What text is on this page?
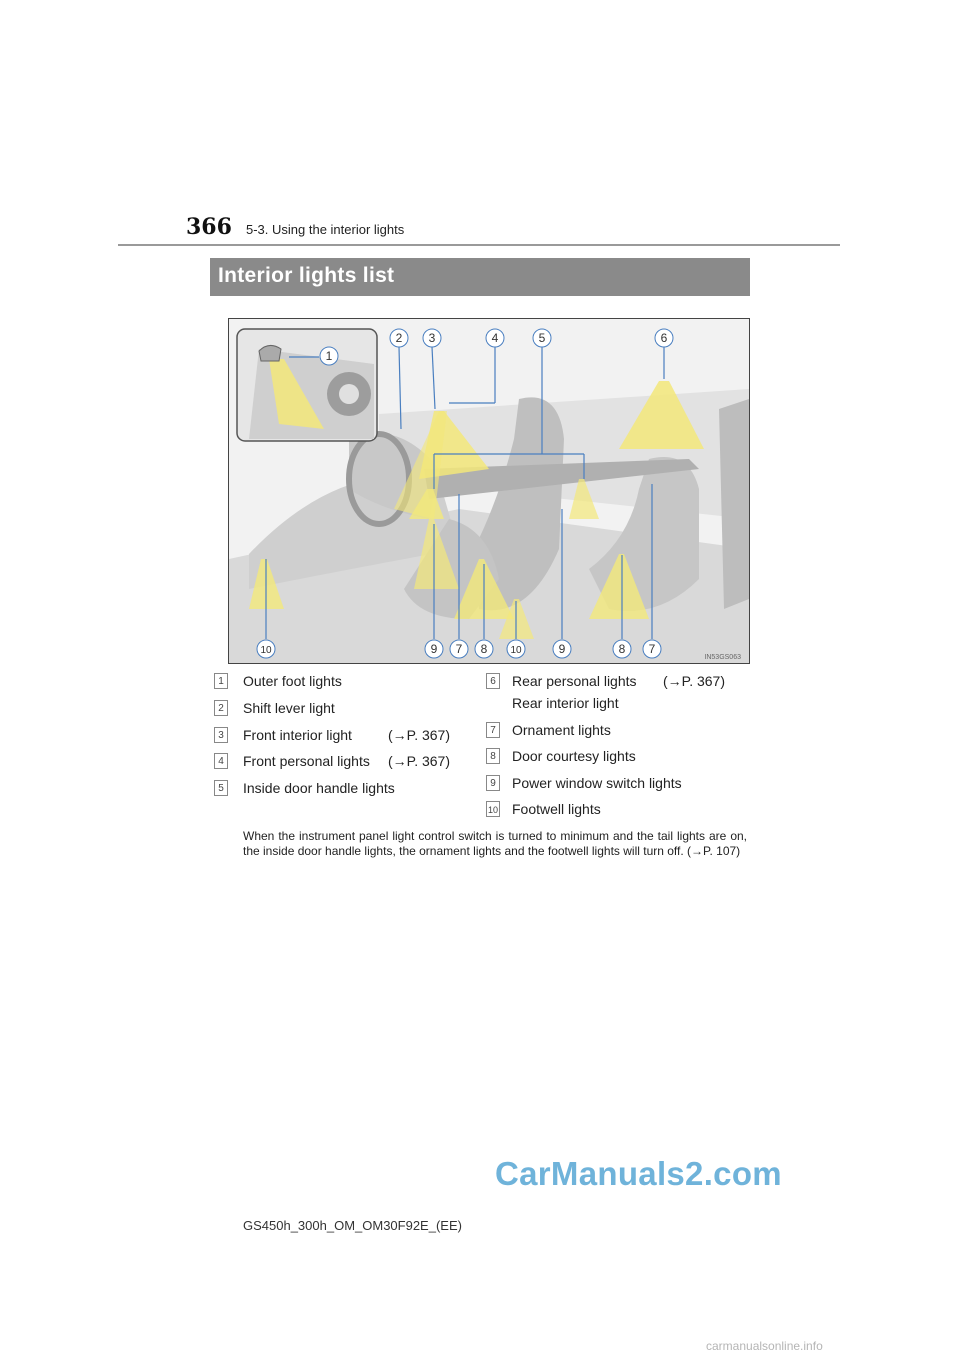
366 5-3. Using the interior lights
Interior lights list
2 3	4	5	6
1
10	9 7 8 10	9	8 7
IN53GS063
1	Outer foot lights
2	Shift lever light
3	Front interior light	(→P. 367)
4	Front personal lights (→P. 367)
5	Inside door handle lights
6	Rear personal lights (→P. 367)
Rear interior light
7	Ornament lights
8	Door courtesy lights
9	Power window switch lights
10 Footwell lights
When the instrument panel light control switch is turned to minimum and the tail lights are on, the inside door handle lights, the ornament lights and the footwell lights will turn off. (→P. 107)
CarManuals2.com
GS450h_300h_OM_OM30F92E_(EE)
carmanualsonline.info
